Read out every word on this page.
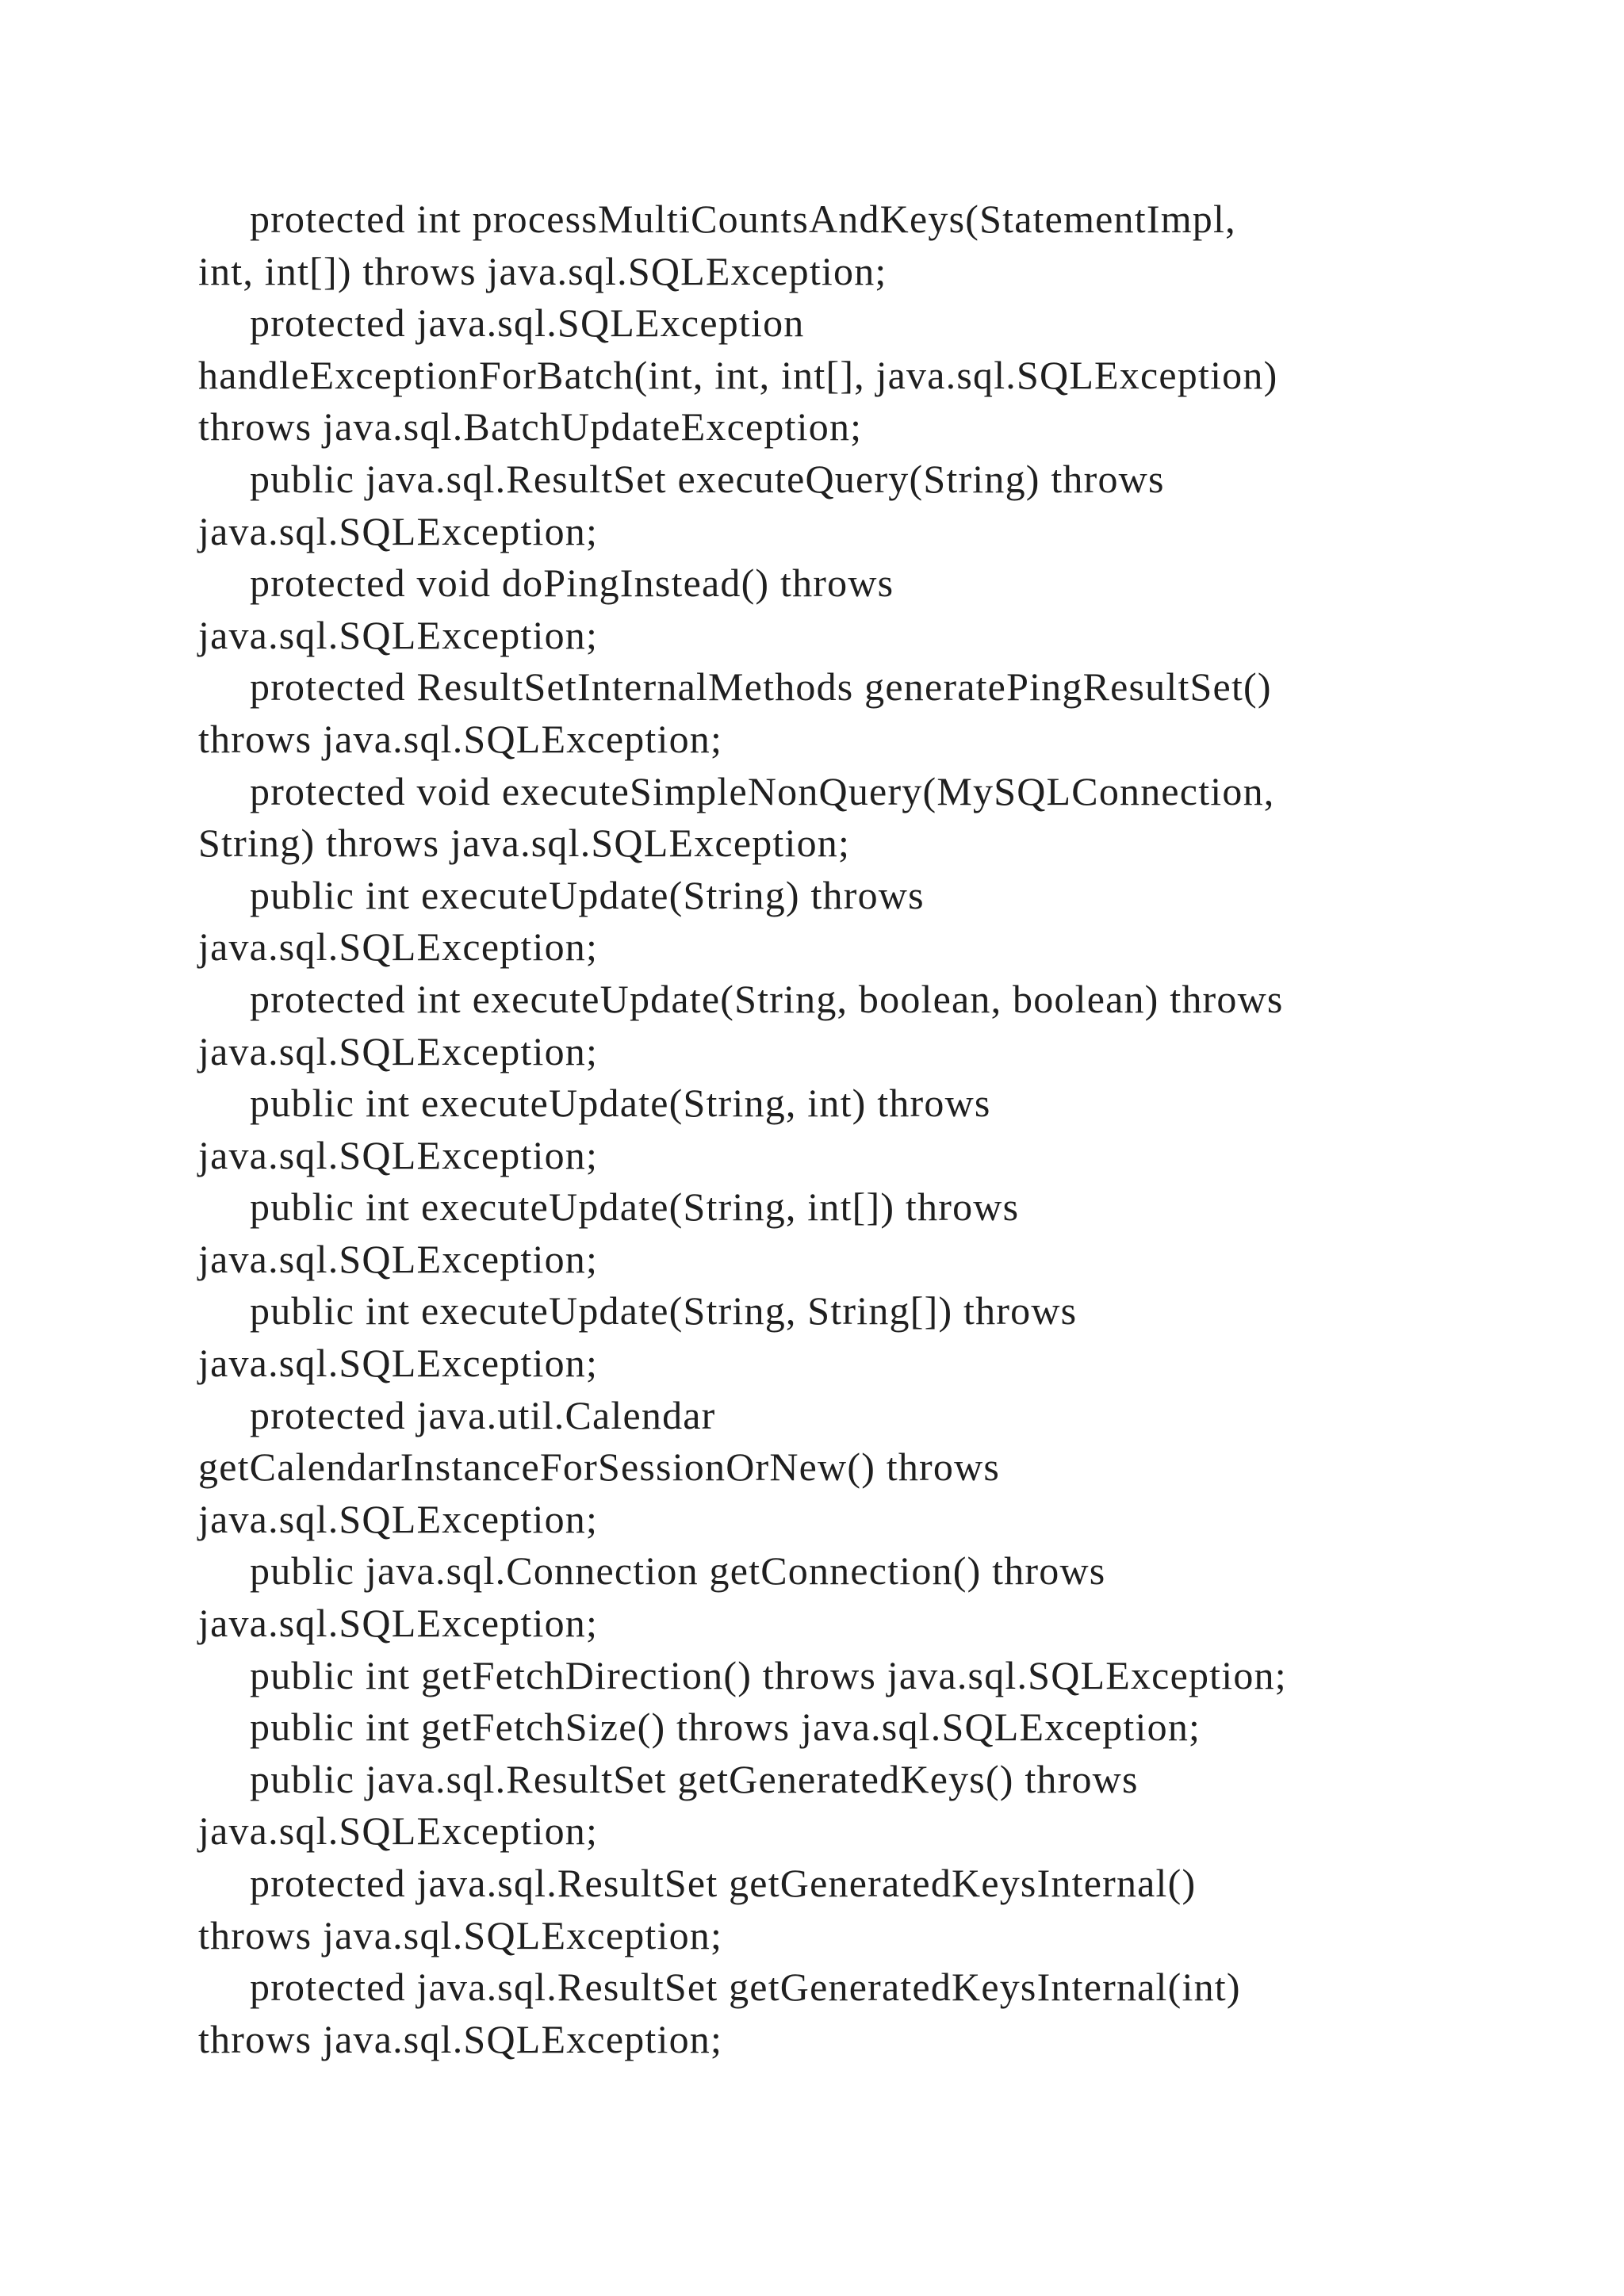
protected int processMultiCountsAndKeys(StatementImpl,
int, int[]) throws java.sql.SQLException;

protected java.sql.SQLException
handleExceptionForBatch(int, int, int[], java.sql.SQLException)
throws java.sql.BatchUpdateException;

public java.sql.ResultSet executeQuery(String) throws
java.sql.SQLException;

protected void doPingInstead() throws
java.sql.SQLException;

protected ResultSetInternalMethods generatePingResultSet()
throws java.sql.SQLException;

protected void executeSimpleNonQuery(MySQLConnection,
String) throws java.sql.SQLException;

public int executeUpdate(String) throws
java.sql.SQLException;

protected int executeUpdate(String, boolean, boolean) throws
java.sql.SQLException;

public int executeUpdate(String, int) throws
java.sql.SQLException;

public int executeUpdate(String, int[]) throws
java.sql.SQLException;

public int executeUpdate(String, String[]) throws
java.sql.SQLException;

protected java.util.Calendar
getCalendarInstanceForSessionOrNew() throws
java.sql.SQLException;

public java.sql.Connection getConnection() throws
java.sql.SQLException;

public int getFetchDirection() throws java.sql.SQLException;

public int getFetchSize() throws java.sql.SQLException;

public java.sql.ResultSet getGeneratedKeys() throws
java.sql.SQLException;

protected java.sql.ResultSet getGeneratedKeysInternal()
throws java.sql.SQLException;

protected java.sql.ResultSet getGeneratedKeysInternal(int)
throws java.sql.SQLException;
